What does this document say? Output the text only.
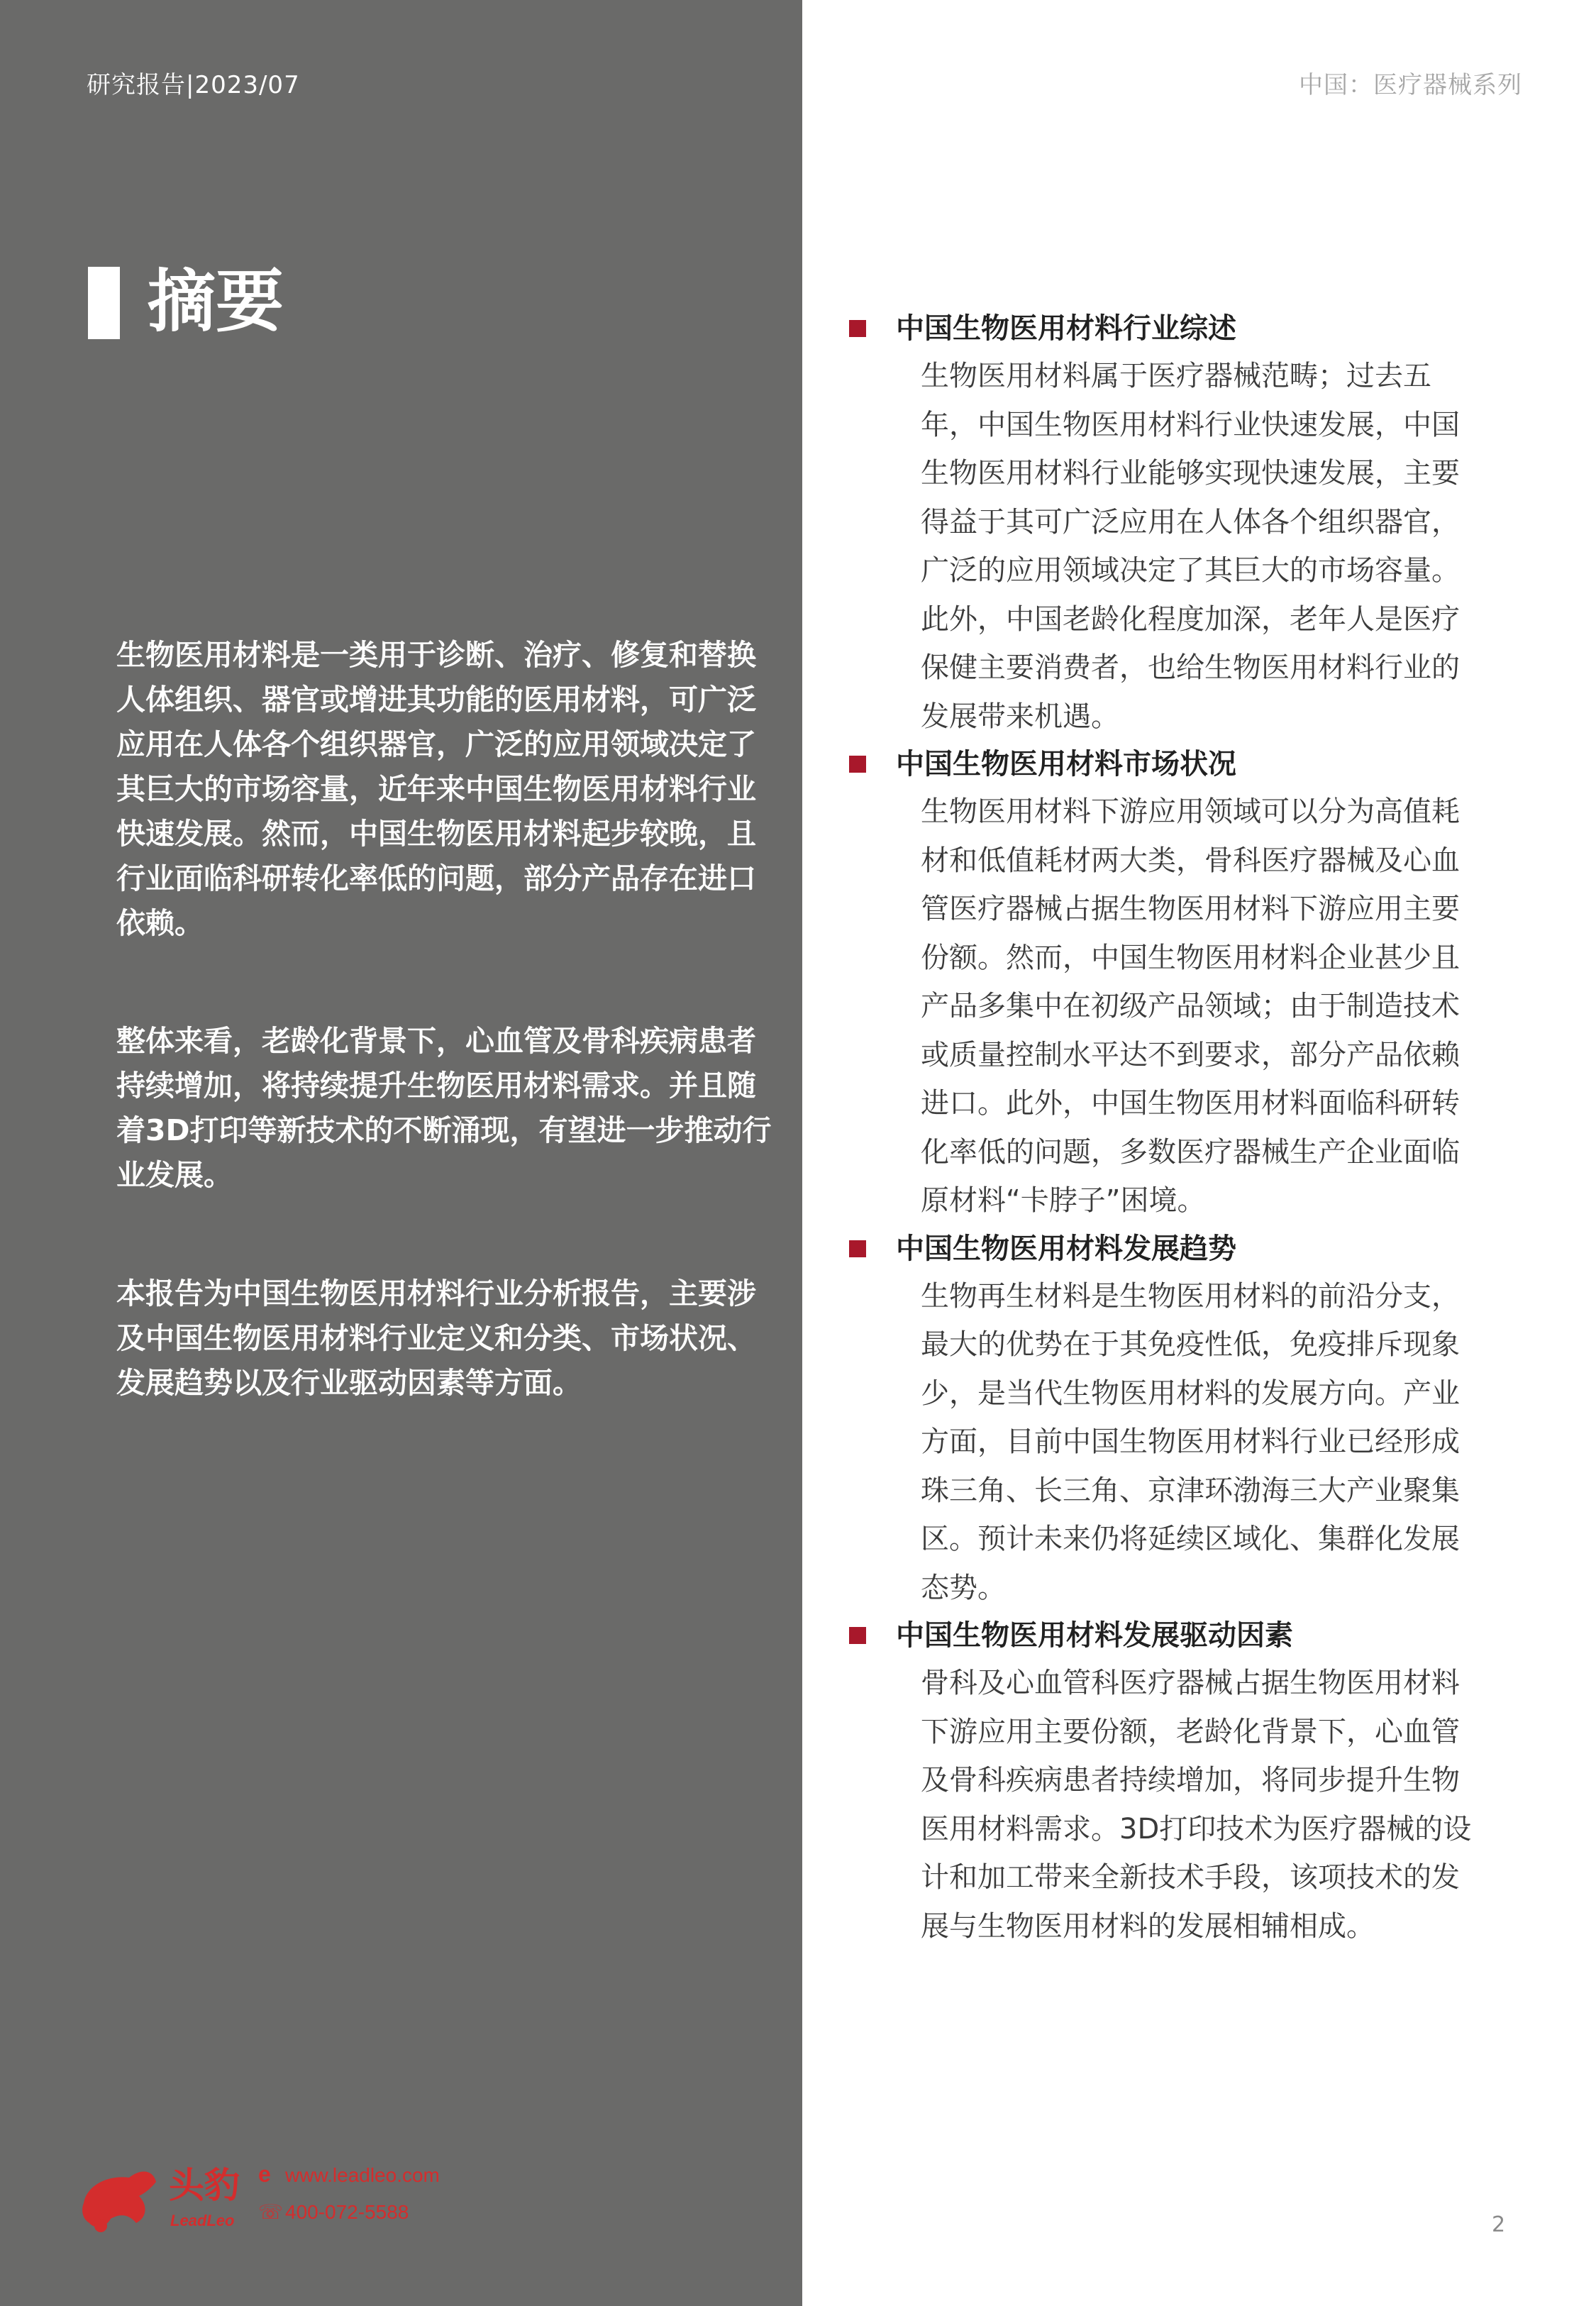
研究报告|2023/07	中国：医疗器械系列
摘要

生物医用材料是一类用于诊断、治疗、修复和替换人体组织、器官或增进其功能的医用材料，可广泛应用在人体各个组织器官，广泛的应用领域决定了其巨大的市场容量，近年来中国生物医用材料行业快速发展。然而，中国生物医用材料起步较晚，且行业面临科研转化率低的问题，部分产品存在进口依赖。

整体来看，老龄化背景下，心血管及骨科疾病患者持续增加，将持续提升生物医用材料需求。并且随着3D打印等新技术的不断涌现，有望进一步推动行业发展。

本报告为中国生物医用材料行业分析报告，主要涉及中国生物医用材料行业定义和分类、市场状况、发展趋势以及行业驱动因素等方面。

中国生物医用材料行业综述

生物医用材料属于医疗器械范畴；过去五年，中国生物医用材料行业快速发展，中国生物医用材料行业能够实现快速发展，主要得益于其可广泛应用在人体各个组织器官，广泛的应用领域决定了其巨大的市场容量。此外，中国老龄化程度加深，老年人是医疗保健主要消费者，也给生物医用材料行业的发展带来机遇。

中国生物医用材料市场状况

生物医用材料下游应用领域可以分为高值耗材和低值耗材两大类，骨科医疗器械及心血管医疗器械占据生物医用材料下游应用主要份额。然而，中国生物医用材料企业甚少且产品多集中在初级产品领域；由于制造技术或质量控制水平达不到要求，部分产品依赖进口。此外，中国生物医用材料面临科研转化率低的问题，多数医疗器械生产企业面临原材料“卡脖子”困境。

中国生物医用材料发展趋势

生物再生材料是生物医用材料的前沿分支，最大的优势在于其免疫性低，免疫排斥现象少，是当代生物医用材料的发展方向。产业方面，目前中国生物医用材料行业已经形成珠三角、长三角、京津环渤海三大产业聚集区。预计未来仍将延续区域化、集群化发展态势。

中国生物医用材料发展驱动因素

骨科及心血管科医疗器械占据生物医用材料下游应用主要份额，老龄化背景下，心血管及骨科疾病患者持续增加，将同步提升生物医用材料需求。3D打印技术为医疗器械的设计和加工带来全新技术手段，该项技术的发展与生物医用材料的发展相辅相成。

头豹
LeadLeo
e www.leadleo.com
☏ 400-072-5588
2
